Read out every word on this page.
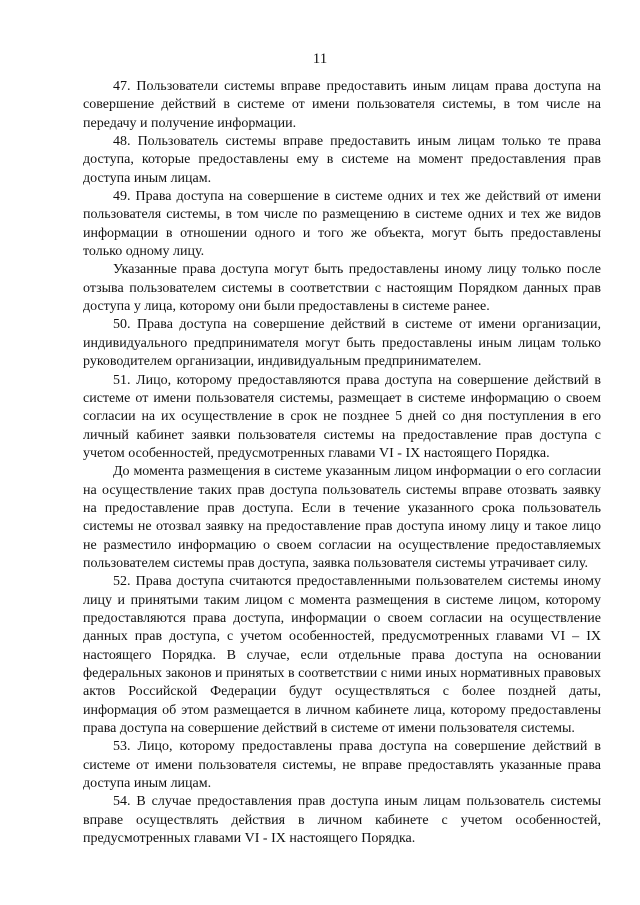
11

47. Пользователи системы вправе предоставить иным лицам права доступа на совершение действий в системе от имени пользователя системы, в том числе на передачу и получение информации.

48. Пользователь системы вправе предоставить иным лицам только те права доступа, которые предоставлены ему в системе на момент предоставления прав доступа иным лицам.

49. Права доступа на совершение в системе одних и тех же действий от имени пользователя системы, в том числе по размещению в системе одних и тех же видов информации в отношении одного и того же объекта, могут быть предоставлены только одному лицу.

Указанные права доступа могут быть предоставлены иному лицу только после отзыва пользователем системы в соответствии с настоящим Порядком данных прав доступа у лица, которому они были предоставлены в системе ранее.

50. Права доступа на совершение действий в системе от имени организации, индивидуального предпринимателя могут быть предоставлены иным лицам только руководителем организации, индивидуальным предпринимателем.

51. Лицо, которому предоставляются права доступа на совершение действий в системе от имени пользователя системы, размещает в системе информацию о своем согласии на их осуществление в срок не позднее 5 дней со дня поступления в его личный кабинет заявки пользователя системы на предоставление прав доступа с учетом особенностей, предусмотренных главами VI - IX настоящего Порядка.

До момента размещения в системе указанным лицом информации о его согласии на осуществление таких прав доступа пользователь системы вправе отозвать заявку на предоставление прав доступа. Если в течение указанного срока пользователь системы не отозвал заявку на предоставление прав доступа иному лицу и такое лицо не разместило информацию о своем согласии на осуществление предоставляемых пользователем системы прав доступа, заявка пользователя системы утрачивает силу.

52. Права доступа считаются предоставленными пользователем системы иному лицу и принятыми таким лицом с момента размещения в системе лицом, которому предоставляются права доступа, информации о своем согласии на осуществление данных прав доступа, с учетом особенностей, предусмотренных главами VI – IX настоящего Порядка. В случае, если отдельные права доступа на основании федеральных законов и принятых в соответствии с ними иных нормативных правовых актов Российской Федерации будут осуществляться с более поздней даты, информация об этом размещается в личном кабинете лица, которому предоставлены права доступа на совершение действий в системе от имени пользователя системы.

53. Лицо, которому предоставлены права доступа на совершение действий в системе от имени пользователя системы, не вправе предоставлять указанные права доступа иным лицам.

54. В случае предоставления прав доступа иным лицам пользователь системы вправе осуществлять действия в личном кабинете с учетом особенностей, предусмотренных главами VI - IX настоящего Порядка.
